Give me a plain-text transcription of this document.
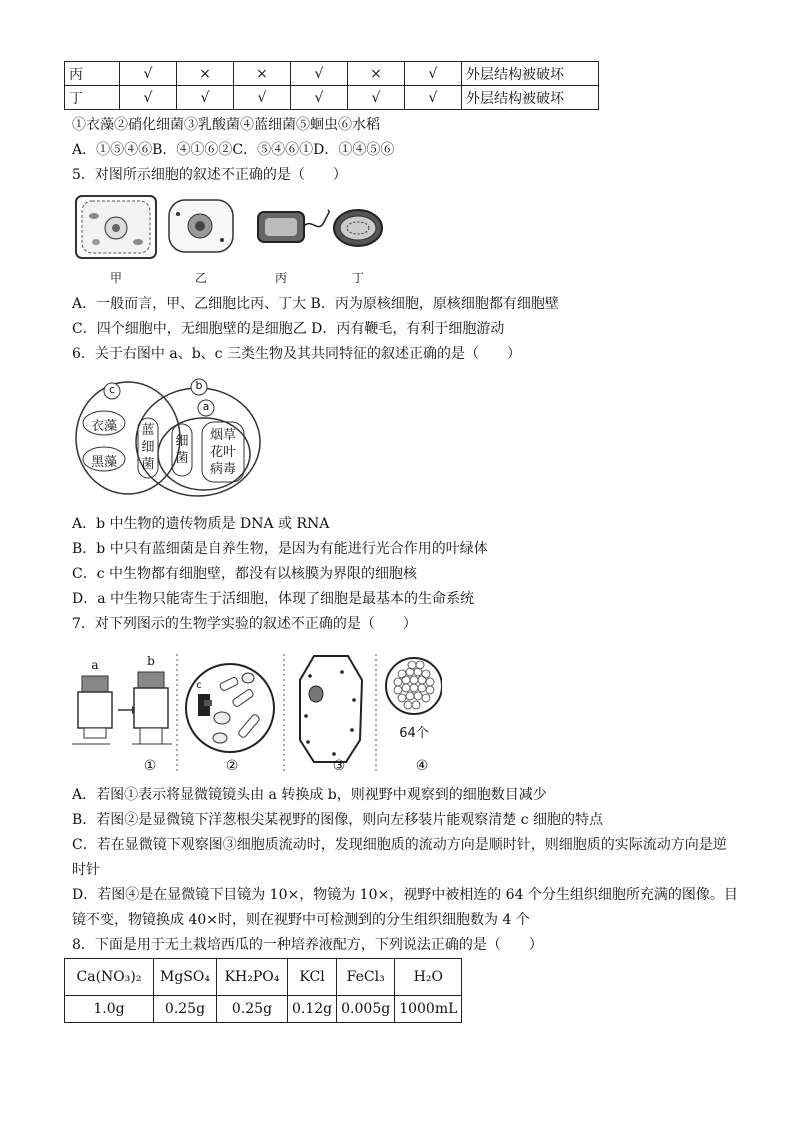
丙	√	×	×	√	×	√	外层结构被破坏
丁	√	√	√	√	√	√	外层结构被破坏
①衣藻②硝化细菌③乳酸菌④蓝细菌⑤蛔虫⑥水稻
A．①⑤④⑥B．④①⑥②C．⑤④⑥①D．①④⑤⑥
5．对图所示细胞的叙述不正确的是（　　）
甲	乙	丙	丁
A．一般而言，甲、乙细胞比丙、丁大 B．丙为原核细胞，原核细胞都有细胞壁
C．四个细胞中，无细胞壁的是细胞乙 D．丙有鞭毛，有利于细胞游动
6．关于右图中 a、b、c 三类生物及其共同特征的叙述正确的是（　　）
c	b
a
衣藻
黑藻
蓝细菌
细菌
烟草花叶病毒
A．b 中生物的遗传物质是 DNA 或 RNA
B．b 中只有蓝细菌是自养生物，是因为有能进行光合作用的叶绿体
C．c 中生物都有细胞壁，都没有以核膜为界限的细胞核
D．a 中生物只能寄生于活细胞，体现了细胞是最基本的生命系统
7．对下列图示的生物学实验的叙述不正确的是（　　）
a	b
c
64个
①	②	③	④
A．若图①表示将显微镜镜头由 a 转换成 b，则视野中观察到的细胞数目减少
B．若图②是显微镜下洋葱根尖某视野的图像，则向左移装片能观察清楚 c 细胞的特点
C．若在显微镜下观察图③细胞质流动时，发现细胞质的流动方向是顺时针，则细胞质的实际流动方向是逆
时针
D．若图④是在显微镜下目镜为 10×，物镜为 10×，视野中被相连的 64 个分生组织细胞所充满的图像。目
镜不变，物镜换成 40×时，则在视野中可检测到的分生组织细胞数为 4 个
8．下面是用于无土栽培西瓜的一种培养液配方，下列说法正确的是（　　）
Ca(NO₃)₂	MgSO₄	KH₂PO₄	KCl	FeCl₃	H₂O
1.0g	0.25g	0.25g	0.12g	0.005g	1000mL
